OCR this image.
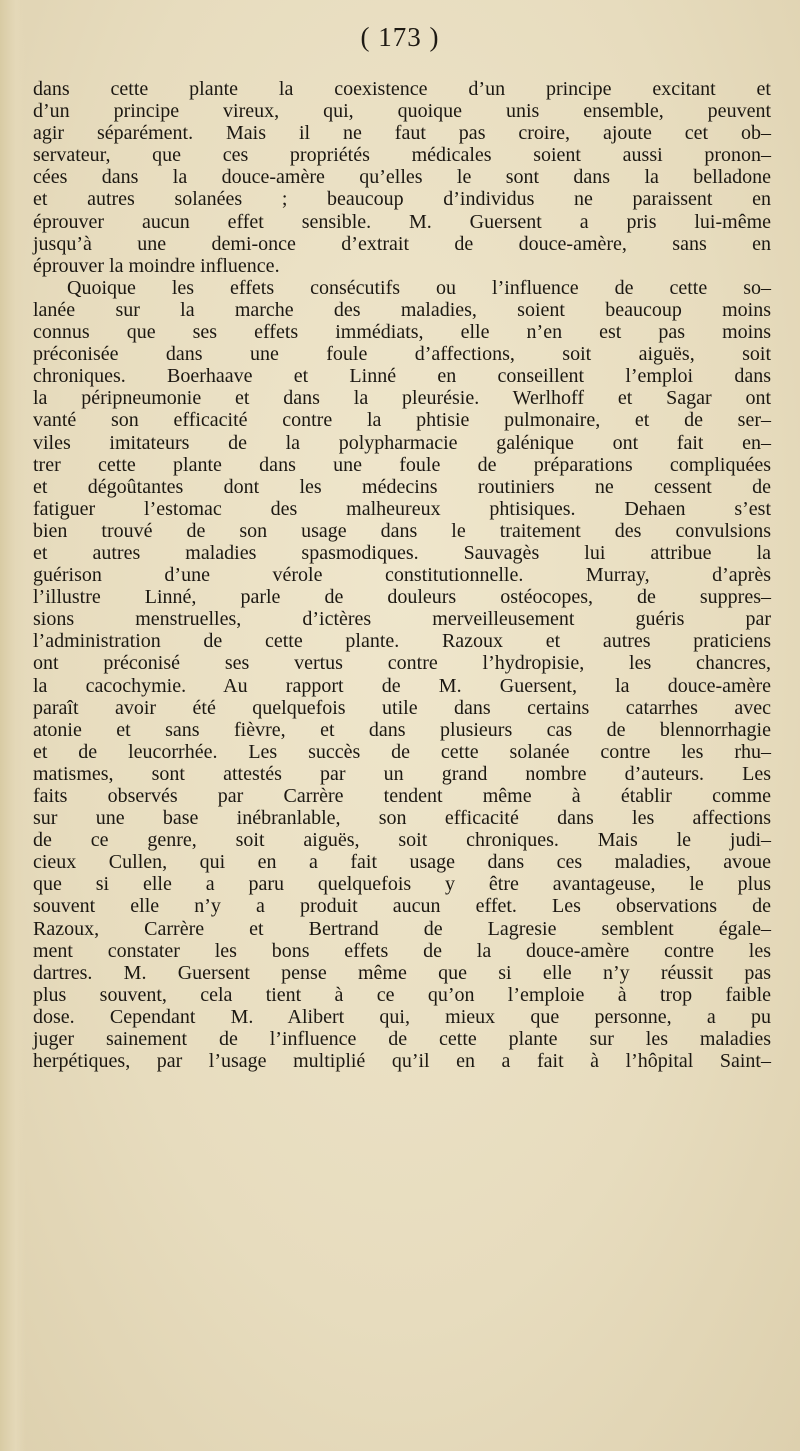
( 173 )

dans cette plante la coexistence d’un principe excitant et
d’un principe vireux, qui, quoique unis ensemble, peuvent
agir séparément. Mais il ne faut pas croire, ajoute cet ob–
servateur, que ces propriétés médicales soient aussi pronon–
cées dans la douce-amère qu’elles le sont dans la belladone
et autres solanées ; beaucoup d’individus ne paraissent en
éprouver aucun effet sensible. M. Guersent a pris lui-même
jusqu’à une demi-once d’extrait de douce-amère, sans en
éprouver la moindre influence.
Quoique les effets consécutifs ou l’influence de cette so–
lanée sur la marche des maladies, soient beaucoup moins
connus que ses effets immédiats, elle n’en est pas moins
préconisée dans une foule d’affections, soit aiguës, soit
chroniques. Boerhaave et Linné en conseillent l’emploi dans
la péripneumonie et dans la pleurésie. Werlhoff et Sagar ont
vanté son efficacité contre la phtisie pulmonaire, et de ser–
viles imitateurs de la polypharmacie galénique ont fait en–
trer cette plante dans une foule de préparations compliquées
et dégoûtantes dont les médecins routiniers ne cessent de
fatiguer l’estomac des malheureux phtisiques. Dehaen s’est
bien trouvé de son usage dans le traitement des convulsions
et autres maladies spasmodiques. Sauvagès lui attribue la
guérison d’une vérole constitutionnelle. Murray, d’après
l’illustre Linné, parle de douleurs ostéocopes, de suppres–
sions menstruelles, d’ictères merveilleusement guéris par
l’administration de cette plante. Razoux et autres praticiens
ont préconisé ses vertus contre l’hydropisie, les chancres,
la cacochymie. Au rapport de M. Guersent, la douce-amère
paraît avoir été quelquefois utile dans certains catarrhes avec
atonie et sans fièvre, et dans plusieurs cas de blennorrhagie
et de leucorrhée. Les succès de cette solanée contre les rhu–
matismes, sont attestés par un grand nombre d’auteurs. Les
faits observés par Carrère tendent même à établir comme
sur une base inébranlable, son efficacité dans les affections
de ce genre, soit aiguës, soit chroniques. Mais le judi–
cieux Cullen, qui en a fait usage dans ces maladies, avoue
que si elle a paru quelquefois y être avantageuse, le plus
souvent elle n’y a produit aucun effet. Les observations de
Razoux, Carrère et Bertrand de Lagresie semblent égale–
ment constater les bons effets de la douce-amère contre les
dartres. M. Guersent pense même que si elle n’y réussit pas
plus souvent, cela tient à ce qu’on l’emploie à trop faible
dose. Cependant M. Alibert qui, mieux que personne, a pu
juger sainement de l’influence de cette plante sur les maladies
herpétiques, par l’usage multiplié qu’il en a fait à l’hôpital Saint–
